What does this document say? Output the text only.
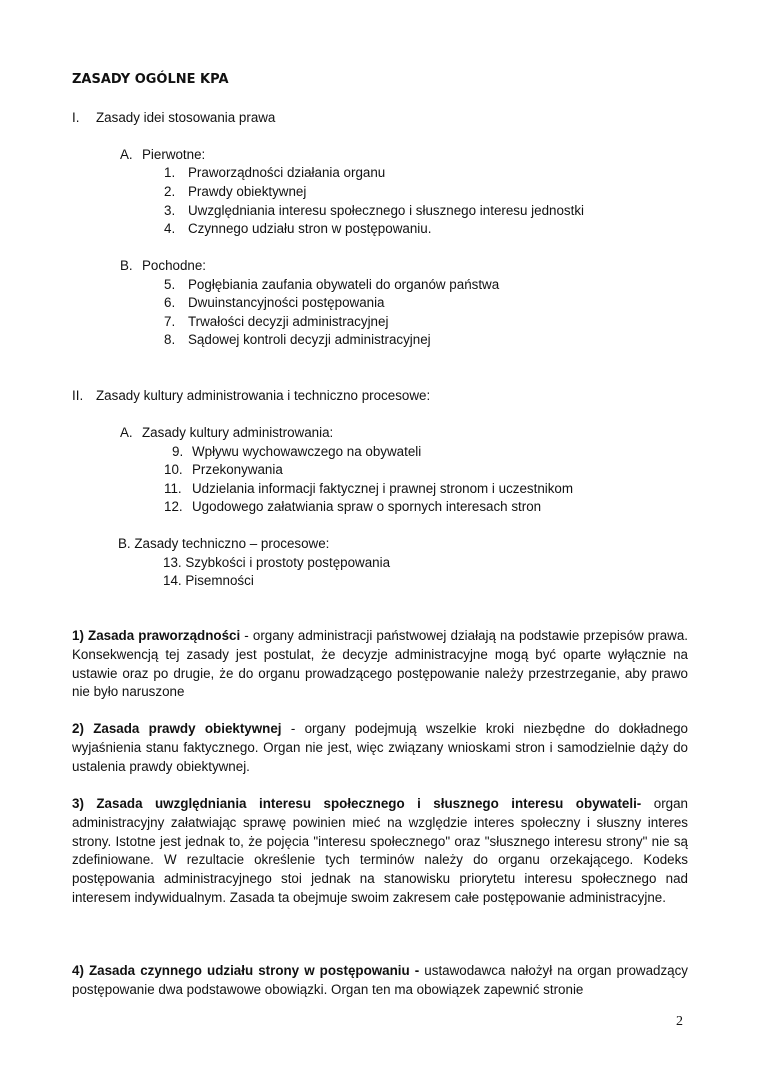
ZASADY OGÓLNE KPA
I. Zasady idei stosowania prawa
A. Pierwotne:
1. Praworządności działania organu
2. Prawdy obiektywnej
3. Uwzględniania interesu społecznego i słusznego interesu jednostki
4. Czynnego udziału stron w postępowaniu.
B. Pochodne:
5. Pogłębiania zaufania obywateli do organów państwa
6. Dwuinstancyjności postępowania
7. Trwałości decyzji administracyjnej
8. Sądowej kontroli decyzji administracyjnej
II. Zasady kultury administrowania i techniczno procesowe:
A. Zasady kultury administrowania:
9. Wpływu wychowawczego na obywateli
10. Przekonywania
11. Udzielania informacji faktycznej i prawnej stronom i uczestnikom
12. Ugodowego załatwiania spraw o spornych interesach stron
B. Zasady techniczno – procesowe:
13. Szybkości i prostoty postępowania
14. Pisemności
1) Zasada praworządności - organy administracji państwowej działają na podstawie przepisów prawa. Konsekwencją tej zasady jest postulat, że decyzje administracyjne mogą być oparte wyłącznie na ustawie oraz po drugie, że do organu prowadzącego postępowanie należy przestrzeganie, aby prawo nie było naruszone
2) Zasada prawdy obiektywnej - organy podejmują wszelkie kroki niezbędne do dokładnego wyjaśnienia stanu faktycznego. Organ nie jest, więc związany wnioskami stron i samodzielnie dąży do ustalenia prawdy obiektywnej.
3) Zasada uwzględniania interesu społecznego i słusznego interesu obywateli- organ administracyjny załatwiając sprawę powinien mieć na względzie interes społeczny i słuszny interes strony. Istotne jest jednak to, że pojęcia "interesu społecznego" oraz "słusznego interesu strony" nie są zdefiniowane. W rezultacie określenie tych terminów należy do organu orzekającego. Kodeks postępowania administracyjnego stoi jednak na stanowisku priorytetu interesu społecznego nad interesem indywidualnym. Zasada ta obejmuje swoim zakresem całe postępowanie administracyjne.
4) Zasada czynnego udziału strony w postępowaniu - ustawodawca nałożył na organ prowadzący postępowanie dwa podstawowe obowiązki. Organ ten ma obowiązek zapewnić stronie
2
